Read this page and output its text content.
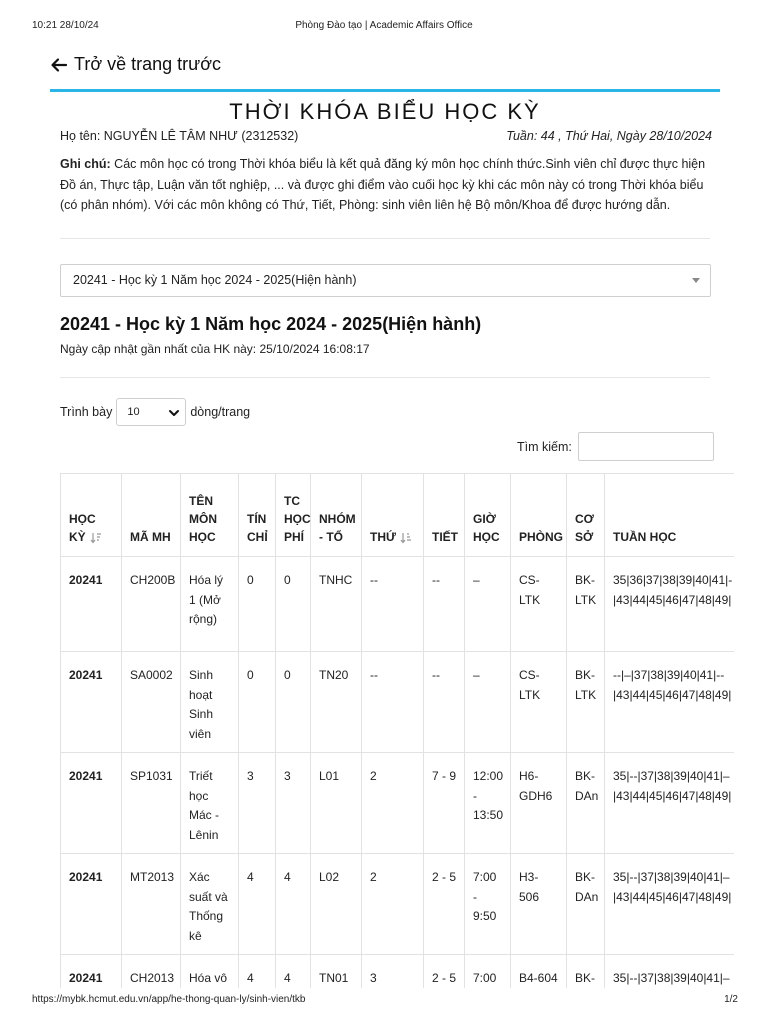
10:21 28/10/24	Phòng Đào tạo | Academic Affairs Office
Trở về trang trước
THỜI KHÓA BIỂU HỌC KỲ
Họ tên: NGUYỄN LÊ TÂM NHƯ (2312532)	Tuần: 44 , Thứ Hai, Ngày 28/10/2024

Ghi chú: Các môn học có trong Thời khóa biểu là kết quả đăng ký môn học chính thức.Sinh viên chỉ được thực hiện Đồ án, Thực tập, Luận văn tốt nghiệp, ... và được ghi điểm vào cuối học kỳ khi các môn này có trong Thời khóa biểu (có phân nhóm). Với các môn không có Thứ, Tiết, Phòng: sinh viên liên hệ Bộ môn/Khoa để được hướng dẫn.

20241 - Học kỳ 1 Năm học 2024 - 2025(Hiện hành)
20241 - Học kỳ 1 Năm học 2024 - 2025(Hiện hành)
Ngày cập nhật gần nhất của HK này: 25/10/2024 16:08:17
Trình bày	10	dòng/trang
Tìm kiếm:
HỌC KỲ	MÃ MH	TÊN MÔN HỌC	TÍN CHỈ	TC HỌC PHÍ	NHÓM - TỔ	THỨ	TIẾT	GIỜ HỌC	PHÒNG	CƠ SỞ	TUẦN HỌC
20241	CH200B	Hóa lý 1 (Mở rộng)	0	0	TNHC	--	--	–	CS-LTK	BK-LTK	35|36|37|38|39|40|41|-
|43|44|45|46|47|48|49|

20241	SA0002	Sinh hoạt Sinh viên	0	0	TN20	--	--	–	CS-LTK	BK-LTK	--|–|37|38|39|40|41|--
|43|44|45|46|47|48|49|

20241	SP1031	Triết học Mác - Lênin	3	3	L01	2	7 - 9	12:00 - 13:50	H6-GDH6	BK-DAn	35|--|37|38|39|40|41|–
|43|44|45|46|47|48|49|

20241	MT2013	Xác suất và Thống kê	4	4	L02	2	2 - 5	7:00 - 9:50	H3-506	BK-DAn	35|--|37|38|39|40|41|–
|43|44|45|46|47|48|49|

20241	CH2013	Hóa vô	4	4	TN01	3	2 - 5	7:00	B4-604	BK-	35|--|37|38|39|40|41|–
https://mybk.hcmut.edu.vn/app/he-thong-quan-ly/sinh-vien/tkb	1/2
